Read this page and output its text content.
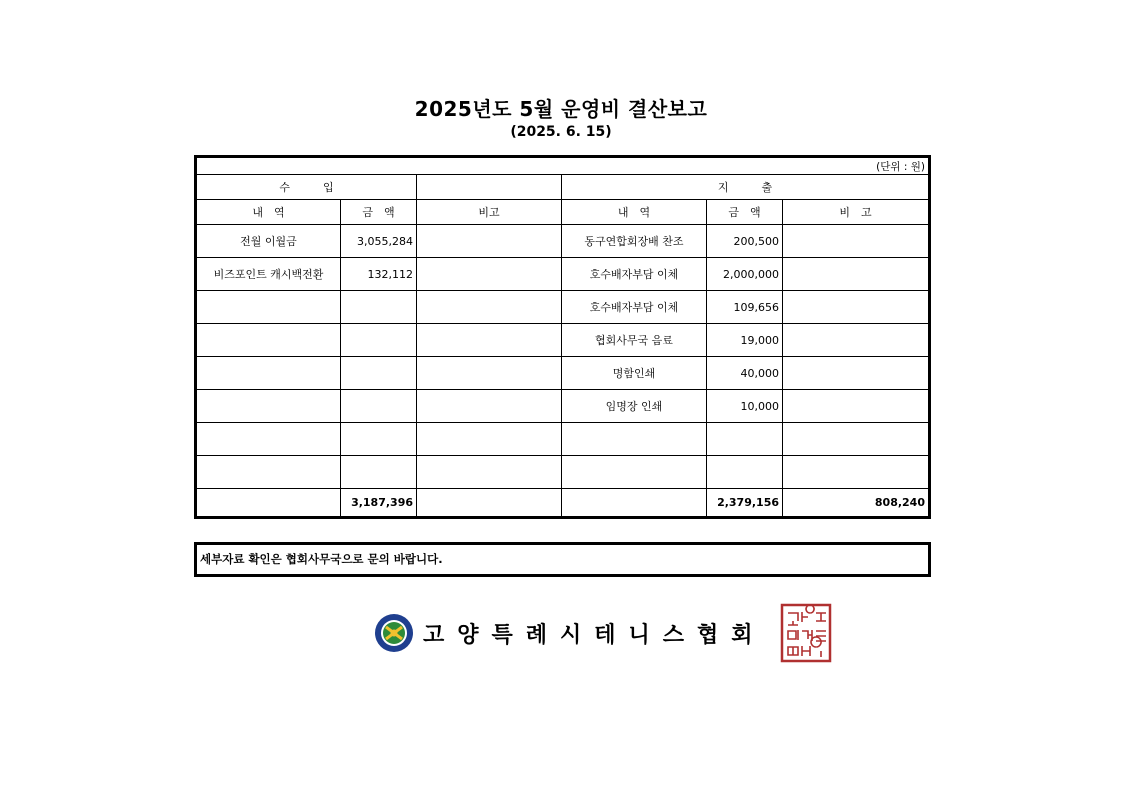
2025년도 5월 운영비 결산보고
(2025. 6. 15)
(단위 : 원)					
수　　　입			지　　　출		
내　역	금　액	비고	내　역	금　액	비　고
전월 이월금	3,055,284		동구연합회장배 찬조	200,500	
비즈포인트 캐시백전환	132,112		호수배자부담 이체	2,000,000	
			호수배자부담 이체	109,656	
			협회사무국 음료	19,000	
			명함인쇄	40,000	
			임명장 인쇄	10,000	

	3,187,396			2,379,156	808,240
세부자료 확인은 협회사무국으로 문의 바랍니다.
고양특례시테니스협회
